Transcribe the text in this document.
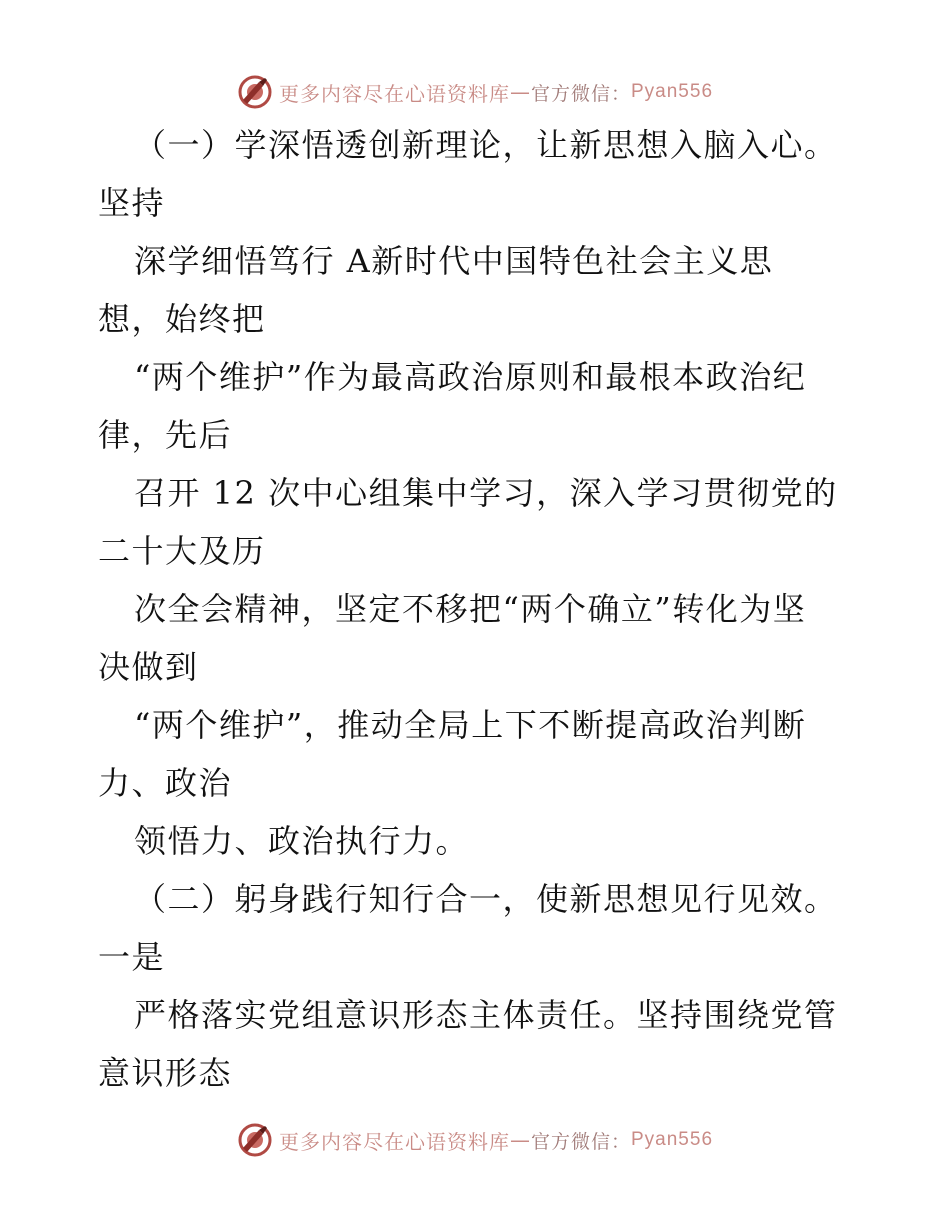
更多内容尽在心语资料库 — 官方微信： Pyan556
（一）学深悟透创新理论，让新思想入脑入心。
坚持
深学细悟笃行 A新时代中国特色社会主义思
想，始终把
“两个维护”作为最高政治原则和最根本政治纪
律，先后
召开 12 次中心组集中学习，深入学习贯彻党的
二十大及历
次全会精神，坚定不移把“两个确立”转化为坚
决做到
“两个维护”，推动全局上下不断提高政治判断
力、政治
领悟力、政治执行力。
（二）躬身践行知行合一，使新思想见行见效。
一是
严格落实党组意识形态主体责任。坚持围绕党管
意识形态
更多内容尽在心语资料库 — 官方微信： Pyan556
